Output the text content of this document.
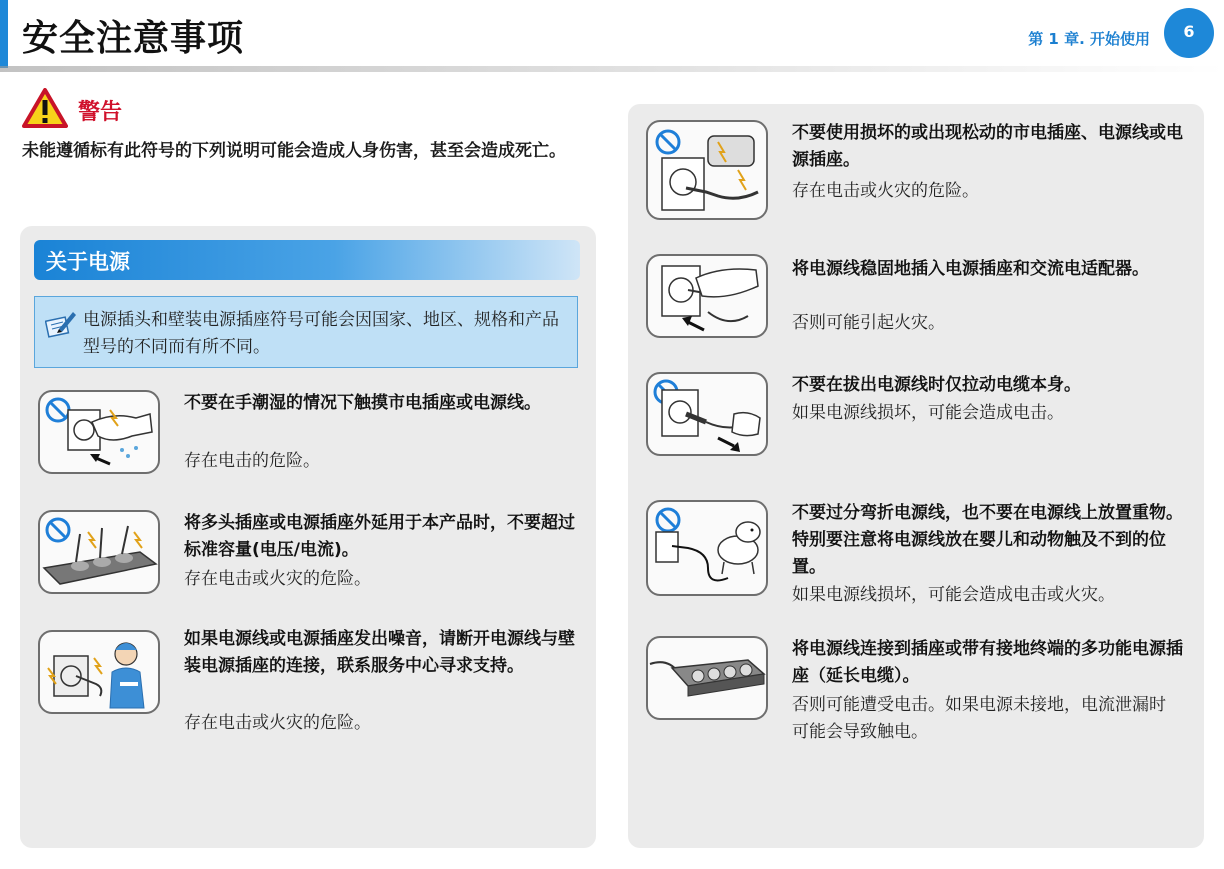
安全注意事项	第 1 章. 开始使用	6
警告
未能遵循标有此符号的下列说明可能会造成人身伤害，甚至会造成死亡。
关于电源
电源插头和壁装电源插座符号可能会因国家、地区、规格和产品型号的不同而有所不同。
不要在手潮湿的情况下触摸市电插座或电源线。
存在电击的危险。
将多头插座或电源插座外延用于本产品时，不要超过标准容量(电压/电流)。
存在电击或火灾的危险。
如果电源线或电源插座发出噪音，请断开电源线与壁装电源插座的连接，联系服务中心寻求支持。
存在电击或火灾的危险。
不要使用损坏的或出现松动的市电插座、电源线或电源插座。
存在电击或火灾的危险。
将电源线稳固地插入电源插座和交流电适配器。
否则可能引起火灾。
不要在拔出电源线时仅拉动电缆本身。
如果电源线损坏，可能会造成电击。
不要过分弯折电源线，也不要在电源线上放置重物。特别要注意将电源线放在婴儿和动物触及不到的位置。
如果电源线损坏，可能会造成电击或火灾。
将电源线连接到插座或带有接地终端的多功能电源插座（延长电缆）。
否则可能遭受电击。如果电源未接地，电流泄漏时可能会导致触电。
